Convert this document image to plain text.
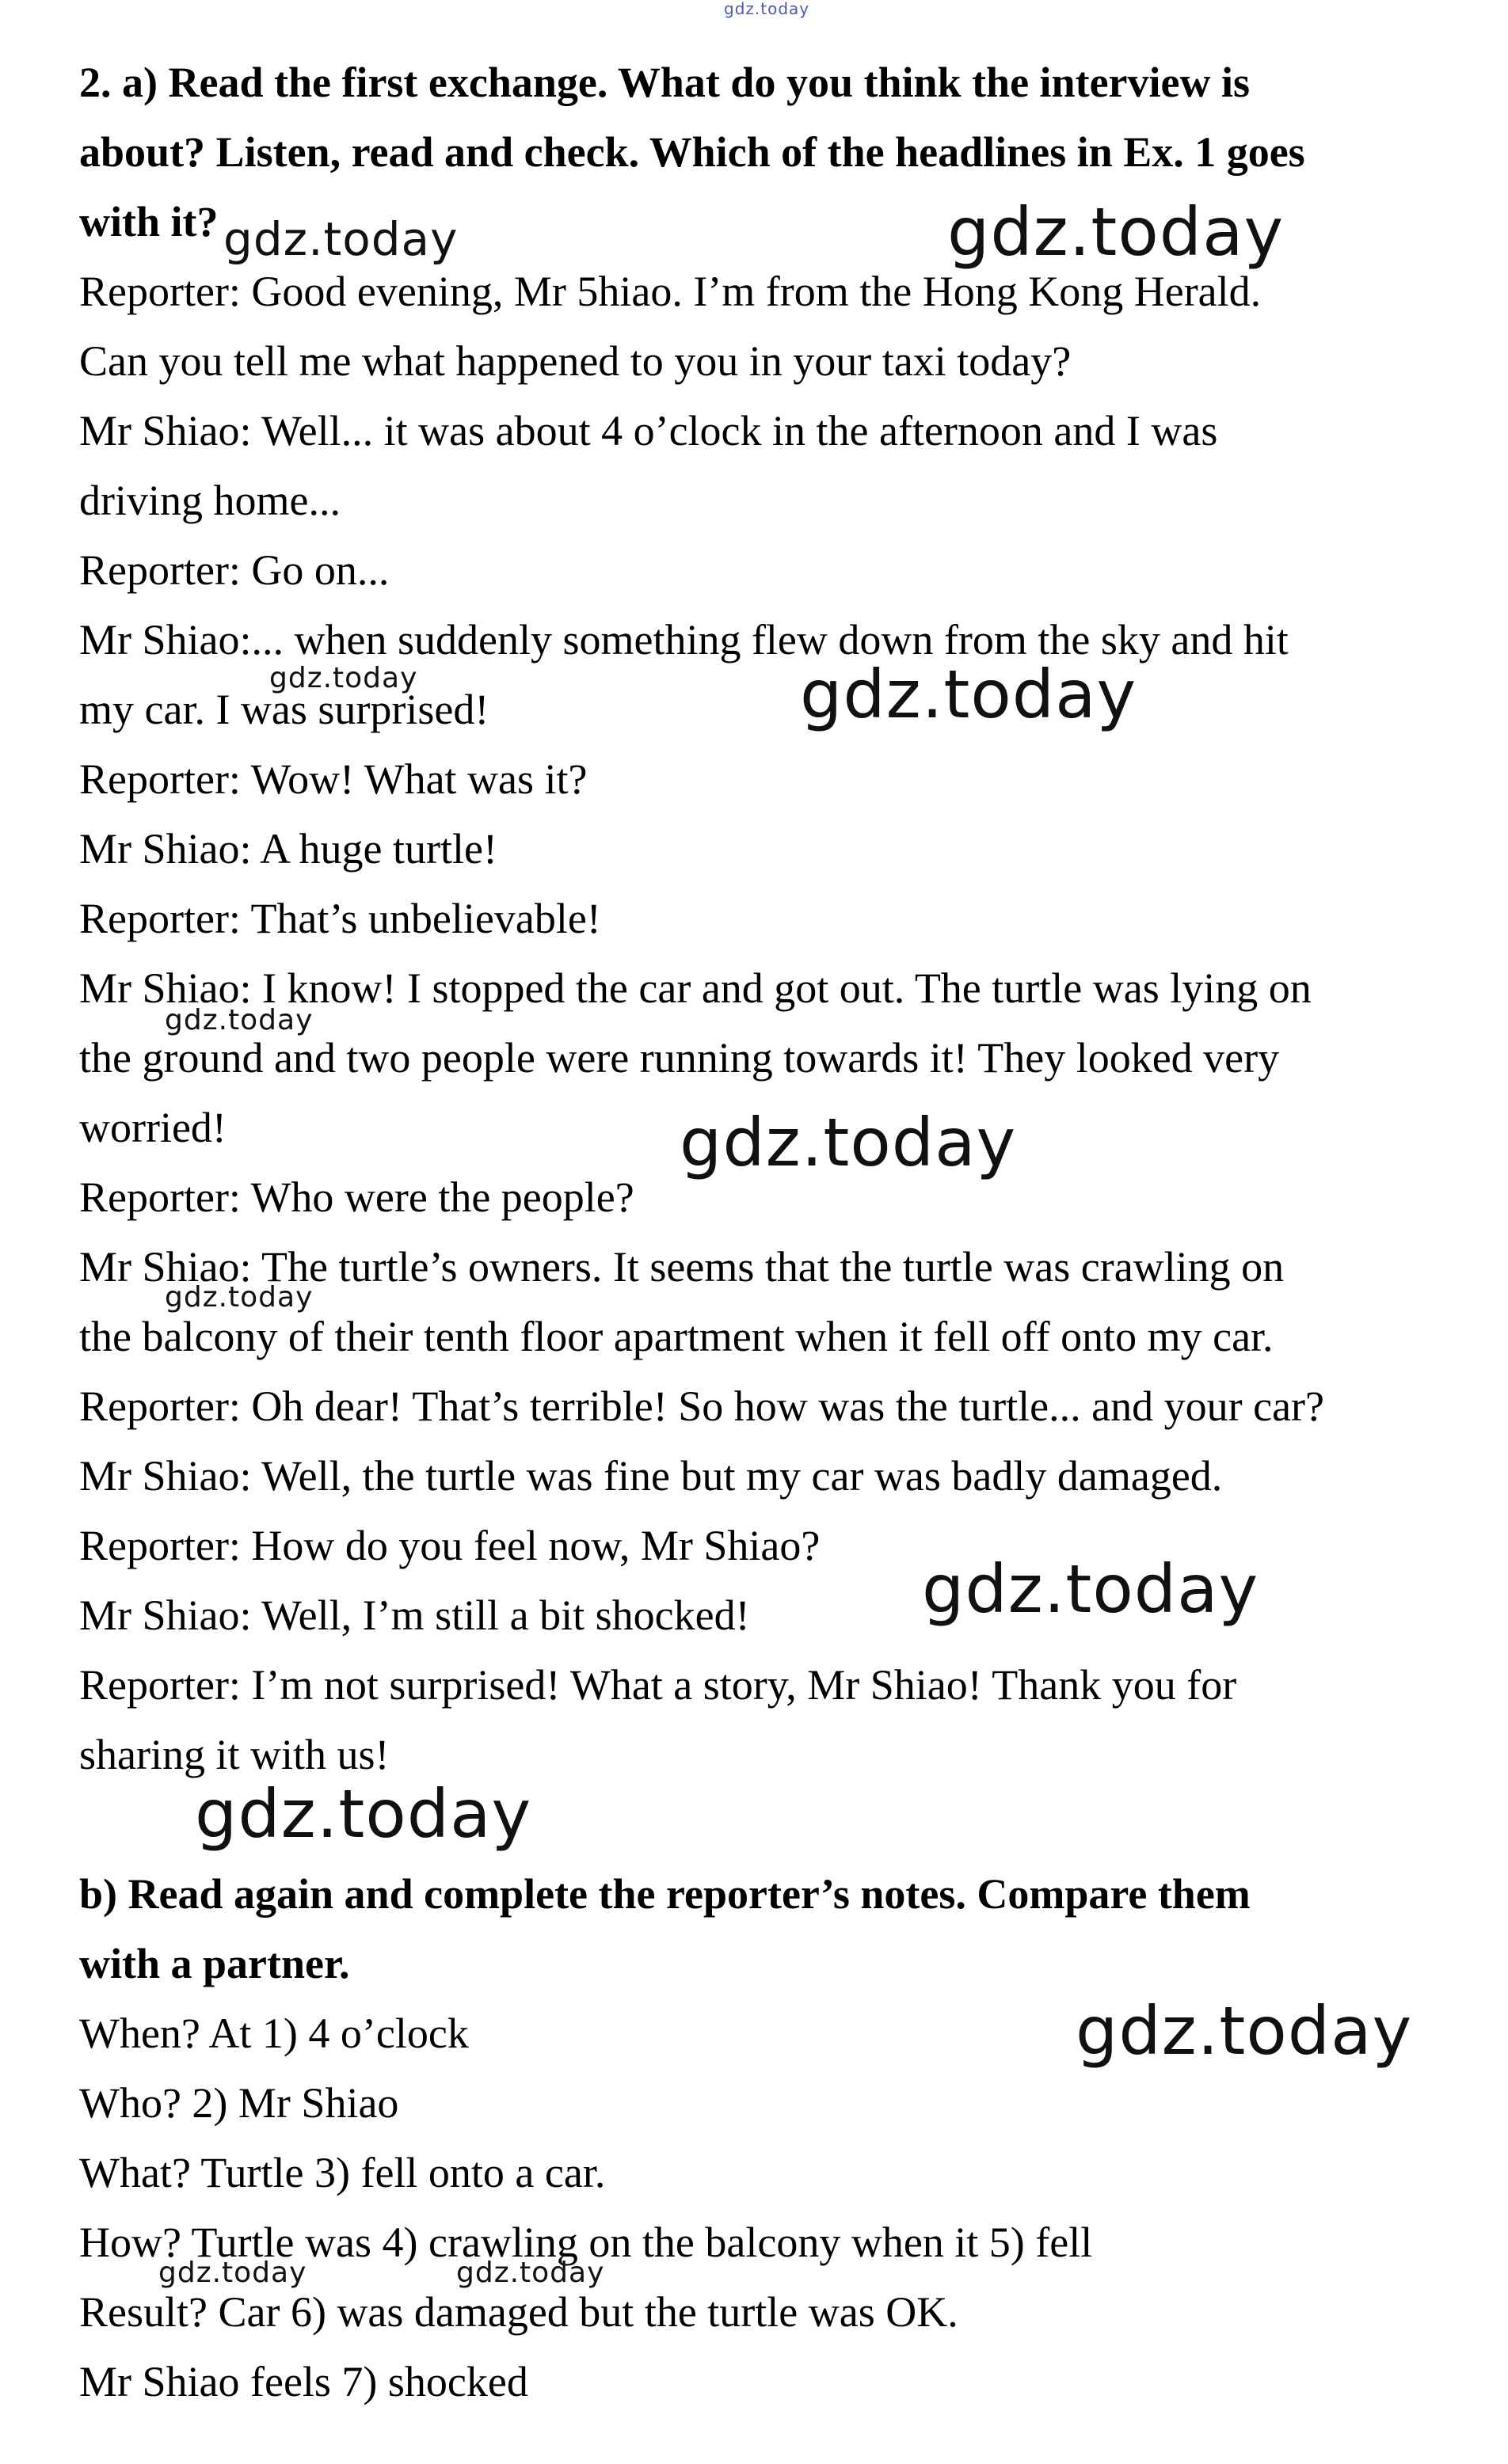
2. a) Read the first exchange. What do you think the interview is
about? Listen, read and check. Which of the headlines in Ex. 1 goes
with it?
Reporter: Good evening, Mr 5hiao. I’m from the Hong Kong Herald.
Can you tell me what happened to you in your taxi today?
Mr Shiao: Well... it was about 4 o’clock in the afternoon and I was
driving home...
Reporter: Go on...
Mr Shiao:... when suddenly something flew down from the sky and hit
my car. I was surprised!
Reporter: Wow! What was it?
Mr Shiao: A huge turtle!
Reporter: That’s unbelievable!
Mr Shiao: I know! I stopped the car and got out. The turtle was lying on
the ground and two people were running towards it! They looked very
worried!
Reporter: Who were the people?
Mr Shiao: The turtle’s owners. It seems that the turtle was crawling on
the balcony of their tenth floor apartment when it fell off onto my car.
Reporter: Oh dear! That’s terrible! So how was the turtle... and your car?
Mr Shiao: Well, the turtle was fine but my car was badly damaged.
Reporter: How do you feel now, Mr Shiao?
Mr Shiao: Well, I’m still a bit shocked!
Reporter: I’m not surprised! What a story, Mr Shiao! Thank you for
sharing it with us!
b) Read again and complete the reporter’s notes. Compare them
with a partner.
When? At 1) 4 o’clock
Who? 2) Mr Shiao
What? Turtle 3) fell onto a car.
How? Turtle was 4) crawling on the balcony when it 5) fell
Result? Car 6) was damaged but the turtle was OK.
Mr Shiao feels 7) shocked
gdz.today
gdz.today	gdz.today
gdz.today	gdz.today
gdz.today
gdz.today
gdz.today
gdz.today
gdz.today
gdz.today
gdz.today	gdz.today
